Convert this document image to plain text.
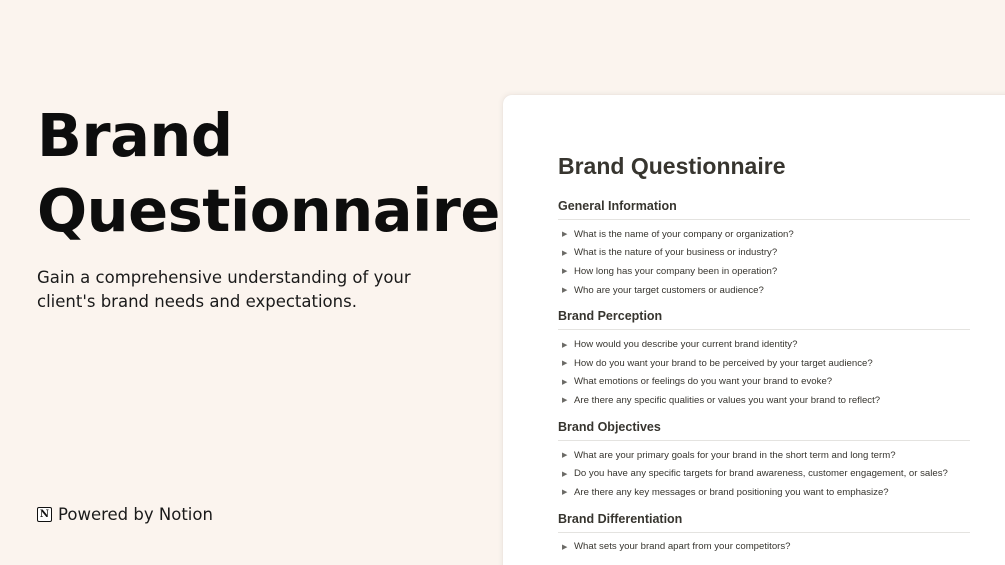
Brand
Questionnaire

Gain a comprehensive understanding of your client's brand needs and expectations.

N Powered by Notion
Brand Questionnaire
General Information
▶ What is the name of your company or organization?
▶ What is the nature of your business or industry?
▶ How long has your company been in operation?
▶ Who are your target customers or audience?
Brand Perception
▶ How would you describe your current brand identity?
▶ How do you want your brand to be perceived by your target audience?
▶ What emotions or feelings do you want your brand to evoke?
▶ Are there any specific qualities or values you want your brand to reflect?
Brand Objectives
▶ What are your primary goals for your brand in the short term and long term?
▶ Do you have any specific targets for brand awareness, customer engagement, or sales?
▶ Are there any key messages or brand positioning you want to emphasize?
Brand Differentiation
▶ What sets your brand apart from your competitors?
